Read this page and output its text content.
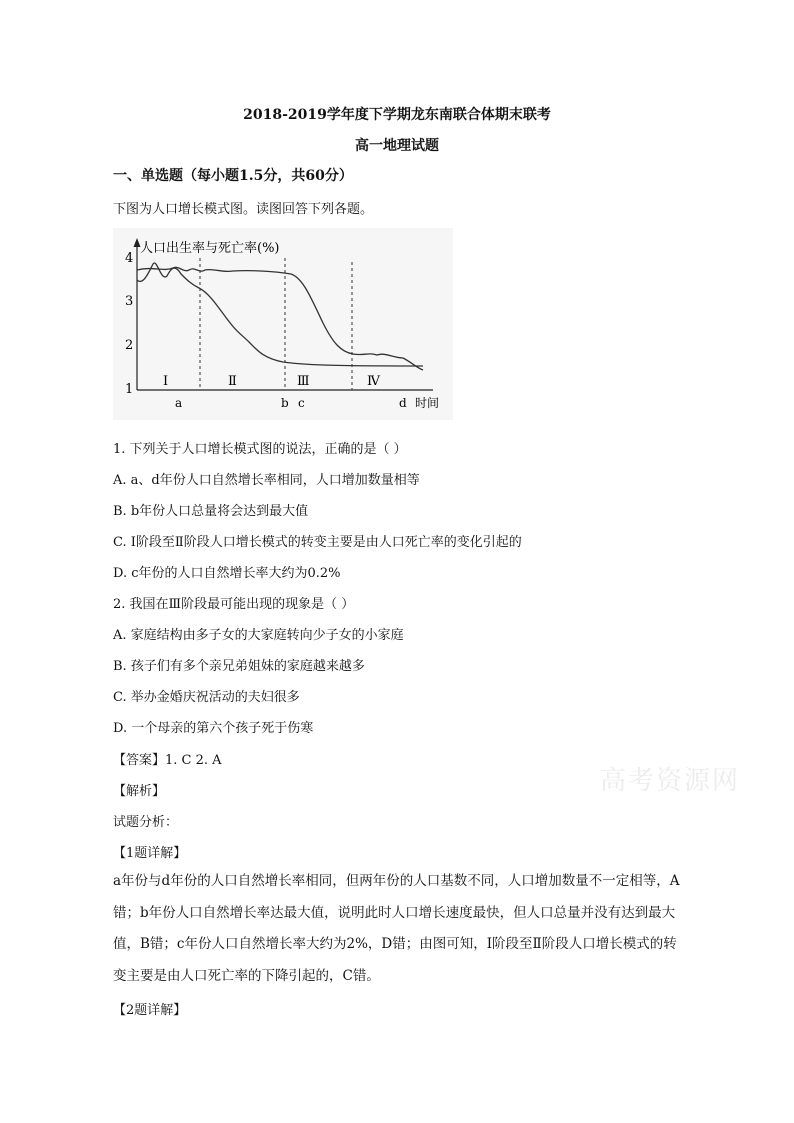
2018-2019学年度下学期龙东南联合体期末联考
高一地理试题
一、单选题（每小题1.5分，共60分）
下图为人口增长模式图。读图回答下列各题。
人口出生率与死亡率(%)
时间
4
3
2
1
a	b c	d
Ⅰ	Ⅱ	Ⅲ	Ⅳ
1. 下列关于人口增长模式图的说法，正确的是（ ）
A. a、d年份人口自然增长率相同，人口增加数量相等
B. b年份人口总量将会达到最大值
C. Ⅰ阶段至Ⅱ阶段人口增长模式的转变主要是由人口死亡率的变化引起的
D. c年份的人口自然增长率大约为0.2%
2. 我国在Ⅲ阶段最可能出现的现象是（ ）
A. 家庭结构由多子女的大家庭转向少子女的小家庭
B. 孩子们有多个亲兄弟姐妹的家庭越来越多
C. 举办金婚庆祝活动的夫妇很多
D. 一个母亲的第六个孩子死于伤寒
【答案】1. C 2. A
【解析】
试题分析：
【1题详解】
a年份与d年份的人口自然增长率相同，但两年份的人口基数不同，人口增加数量不一定相等，A错；b年份人口自然增长率达最大值，说明此时人口增长速度最快，但人口总量并没有达到最大值，B错；c年份人口自然增长率大约为2%，D错；由图可知，Ⅰ阶段至Ⅱ阶段人口增长模式的转变主要是由人口死亡率的下降引起的，C错。
【2题详解】
高考资源网
